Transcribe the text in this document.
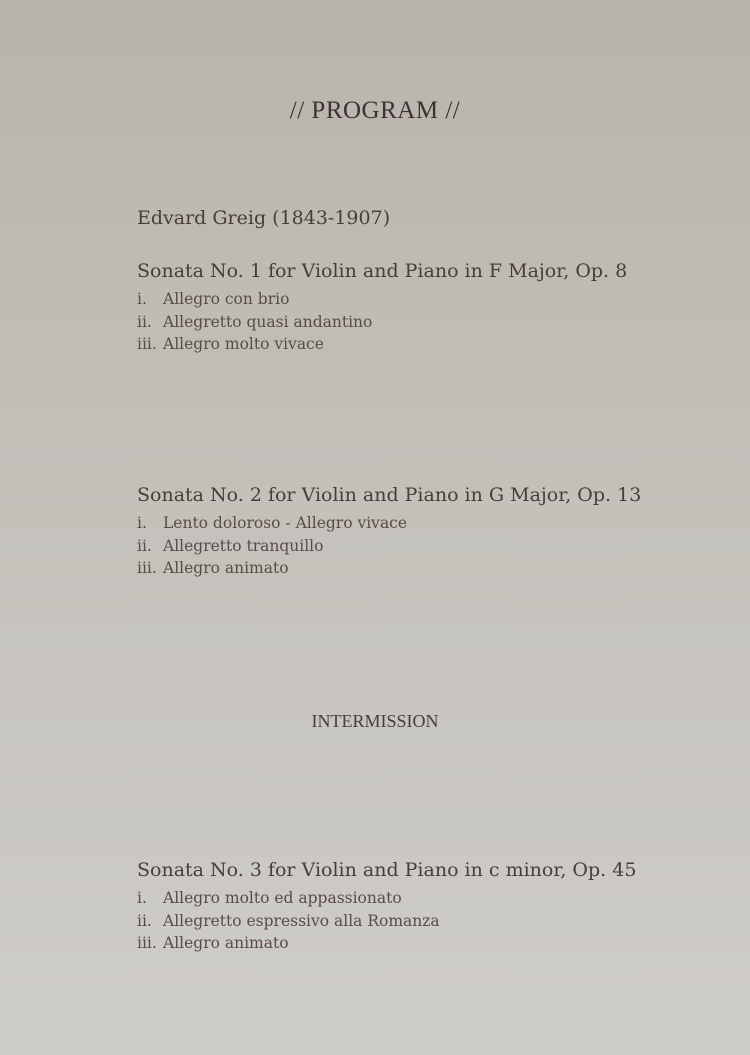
// PROGRAM //
Edvard Greig (1843-1907)
Sonata No. 1 for Violin and Piano in F Major, Op. 8
i. Allegro con brio
ii. Allegretto quasi andantino
iii. Allegro molto vivace
Sonata No. 2 for Violin and Piano in G Major, Op. 13
i. Lento doloroso - Allegro vivace
ii. Allegretto tranquillo
iii. Allegro animato
INTERMISSION
Sonata No. 3 for Violin and Piano in c minor, Op. 45
i. Allegro molto ed appassionato
ii. Allegretto espressivo alla Romanza
iii. Allegro animato
